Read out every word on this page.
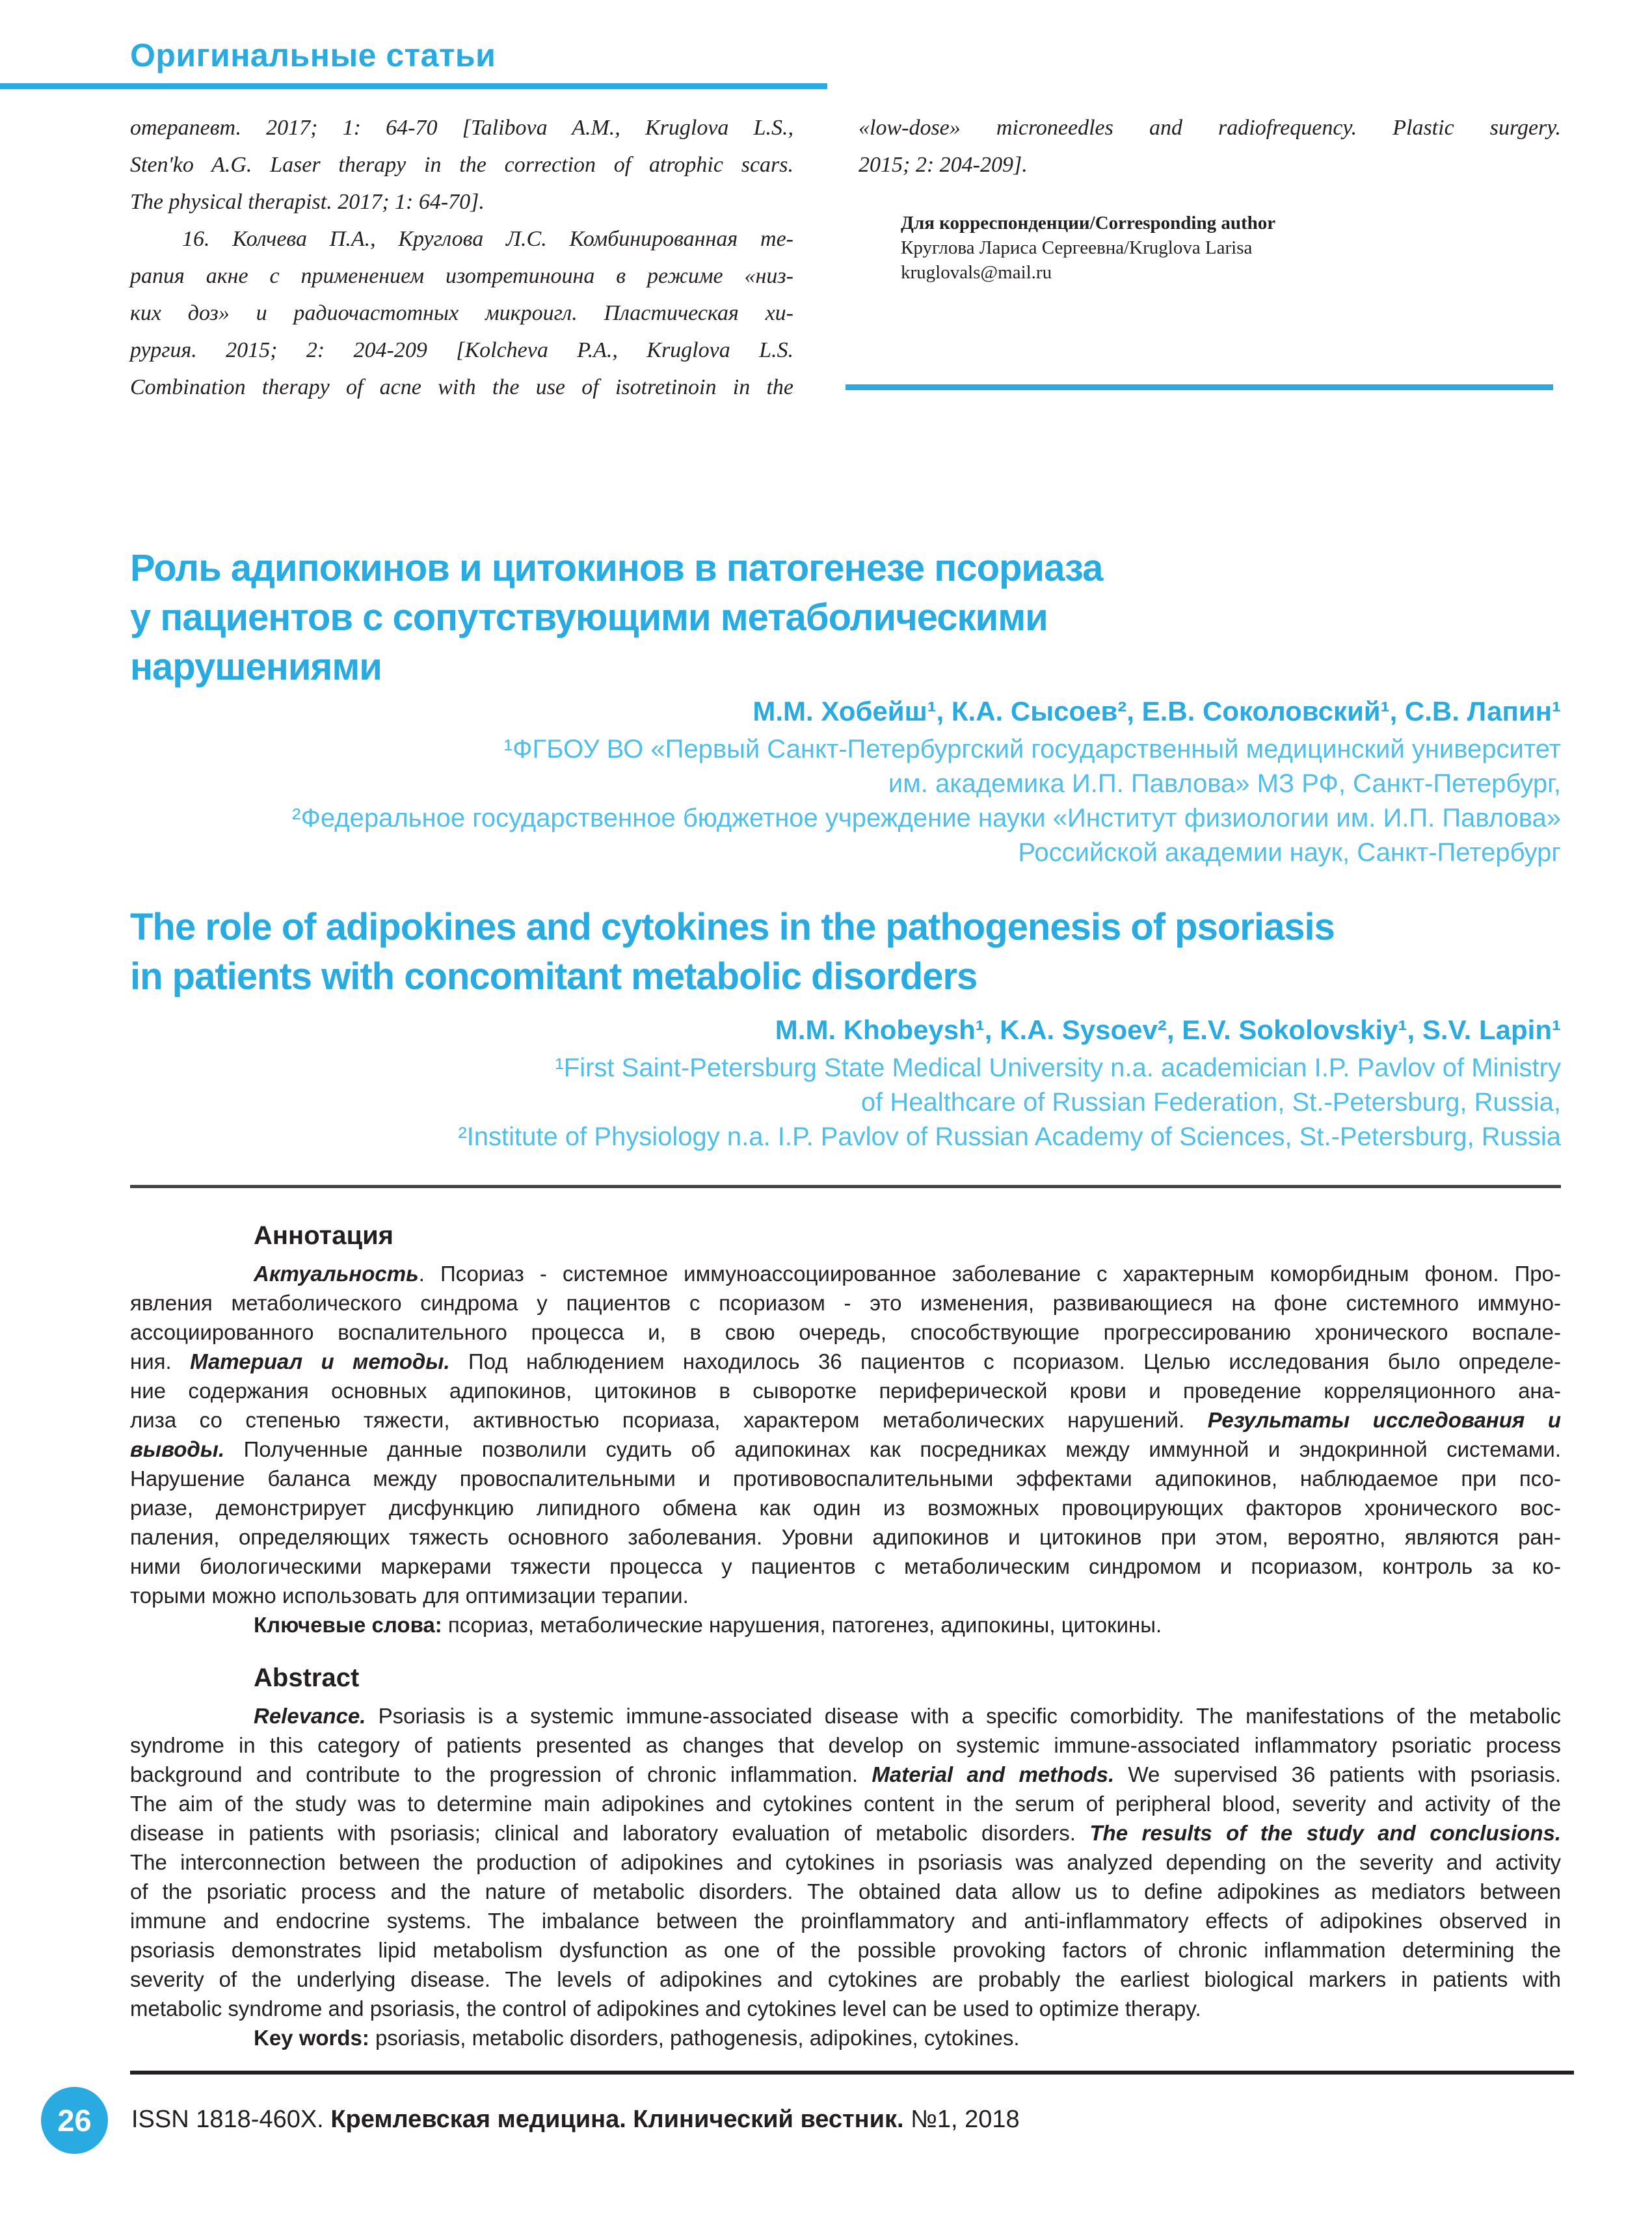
Оригинальные статьи
отерапевт. 2017; 1: 64-70 [Talibova A.M., Kruglova L.S.,
Sten'ko A.G. Laser therapy in the correction of atrophic scars.
The physical therapist. 2017; 1: 64-70].
16. Колчева П.А., Круглова Л.С. Комбинированная те-
рапия акне с применением изотретиноина в режиме «низ-
ких доз» и радиочастотных микроигл. Пластическая хи-
рургия. 2015; 2: 204-209 [Kolcheva P.A., Kruglova L.S.
Combination therapy of acne with the use of isotretinoin in the
«low-dose» microneedles and radiofrequency. Plastic surgery.
2015; 2: 204-209].
Для корреспонденции/Corresponding author
Круглова Лариса Сергеевна/Kruglova Larisa
kruglovals@mail.ru
Роль адипокинов и цитокинов в патогенезе псориаза
у пациентов с сопутствующими метаболическими
нарушениями
М.М. Хобейш¹, К.А. Сысоев², Е.В. Соколовский¹, С.В. Лапин¹
¹ФГБОУ ВО «Первый Санкт-Петербургский государственный медицинский университет
им. академика И.П. Павлова» МЗ РФ, Санкт-Петербург,
²Федеральное государственное бюджетное учреждение науки «Институт физиологии им. И.П. Павлова»
Российской академии наук, Санкт-Петербург
The role of adipokines and cytokines in the pathogenesis of psoriasis
in patients with concomitant metabolic disorders
M.M. Khobeysh¹, K.A. Sysoev², E.V. Sokolovskiy¹, S.V. Lapin¹
¹First Saint-Petersburg State Medical University n.a. academician I.P. Pavlov of Ministry
of Healthcare of Russian Federation, St.-Petersburg, Russia,
²Institute of Physiology n.a. I.P. Pavlov of Russian Academy of Sciences, St.-Petersburg, Russia
Аннотация
Актуальность. Псориаз - системное иммуноассоциированное заболевание с характерным коморбидным фоном. Про-
явления метаболического синдрома у пациентов с псориазом - это изменения, развивающиеся на фоне системного иммуно-
ассоциированного воспалительного процесса и, в свою очередь, способствующие прогрессированию хронического воспале-
ния. Материал и методы. Под наблюдением находилось 36 пациентов с псориазом. Целью исследования было определе-
ние содержания основных адипокинов, цитокинов в сыворотке периферической крови и проведение корреляционного ана-
лиза со степенью тяжести, активностью псориаза, характером метаболических нарушений. Результаты исследования и
выводы. Полученные данные позволили судить об адипокинах как посредниках между иммунной и эндокринной системами.
Нарушение баланса между провоспалительными и противовоспалительными эффектами адипокинов, наблюдаемое при псо-
риазе, демонстрирует дисфункцию липидного обмена как один из возможных провоцирующих факторов хронического вос-
паления, определяющих тяжесть основного заболевания. Уровни адипокинов и цитокинов при этом, вероятно, являются ран-
ними биологическими маркерами тяжести процесса у пациентов с метаболическим синдромом и псориазом, контроль за ко-
торыми можно использовать для оптимизации терапии.
Ключевые слова: псориаз, метаболические нарушения, патогенез, адипокины, цитокины.
Abstract
Relevance. Psoriasis is a systemic immune-associated disease with a specific comorbidity. The manifestations of the metabolic
syndrome in this category of patients presented as changes that develop on systemic immune-associated inflammatory psoriatic process
background and contribute to the progression of chronic inflammation. Material and methods. We supervised 36 patients with psoriasis.
The aim of the study was to determine main adipokines and cytokines content in the serum of peripheral blood, severity and activity of the
disease in patients with psoriasis; clinical and laboratory evaluation of metabolic disorders. The results of the study and conclusions.
The interconnection between the production of adipokines and cytokines in psoriasis was analyzed depending on the severity and activity
of the psoriatic process and the nature of metabolic disorders. The obtained data allow us to define adipokines as mediators between
immune and endocrine systems. The imbalance between the proinflammatory and anti-inflammatory effects of adipokines observed in
psoriasis demonstrates lipid metabolism dysfunction as one of the possible provoking factors of chronic inflammation determining the
severity of the underlying disease. The levels of adipokines and cytokines are probably the earliest biological markers in patients with
metabolic syndrome and psoriasis, the control of adipokines and cytokines level can be used to optimize therapy.
Key words: psoriasis, metabolic disorders, pathogenesis, adipokines, cytokines.
26 ISSN 1818-460X. Кремлевская медицина. Клинический вестник. №1, 2018
